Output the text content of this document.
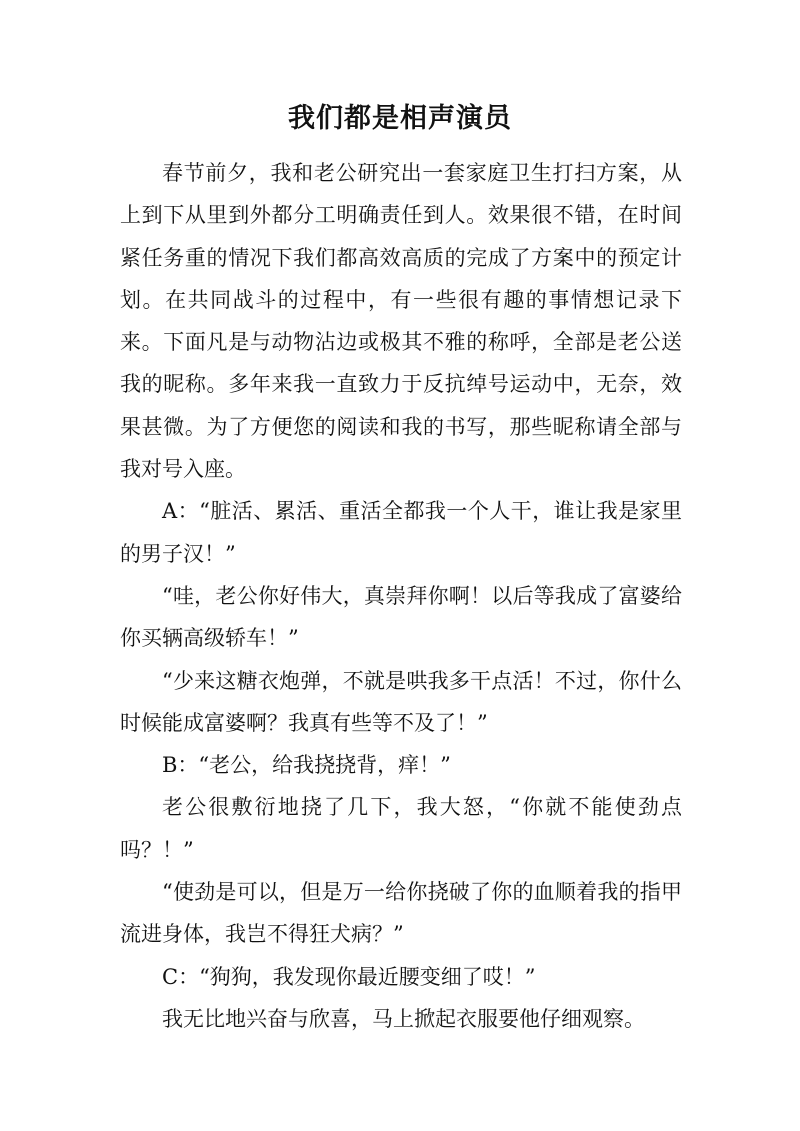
我们都是相声演员

春节前夕，我和老公研究出一套家庭卫生打扫方案，从上到下从里到外都分工明确责任到人。效果很不错，在时间紧任务重的情况下我们都高效高质的完成了方案中的预定计划。在共同战斗的过程中，有一些很有趣的事情想记录下来。下面凡是与动物沾边或极其不雅的称呼，全部是老公送我的昵称。多年来我一直致力于反抗绰号运动中，无奈，效果甚微。为了方便您的阅读和我的书写，那些昵称请全部与我对号入座。

A：“脏活、累活、重活全都我一个人干，谁让我是家里的男子汉！”

“哇，老公你好伟大，真崇拜你啊！以后等我成了富婆给你买辆高级轿车！”

“少来这糖衣炮弹，不就是哄我多干点活！不过，你什么时候能成富婆啊？我真有些等不及了！”

B：“老公，给我挠挠背，痒！”

老公很敷衍地挠了几下，我大怒，“你就不能使劲点吗？！”

“使劲是可以，但是万一给你挠破了你的血顺着我的指甲流进身体，我岂不得狂犬病？”

C：“狗狗，我发现你最近腰变细了哎！”

我无比地兴奋与欣喜，马上掀起衣服要他仔细观察。
